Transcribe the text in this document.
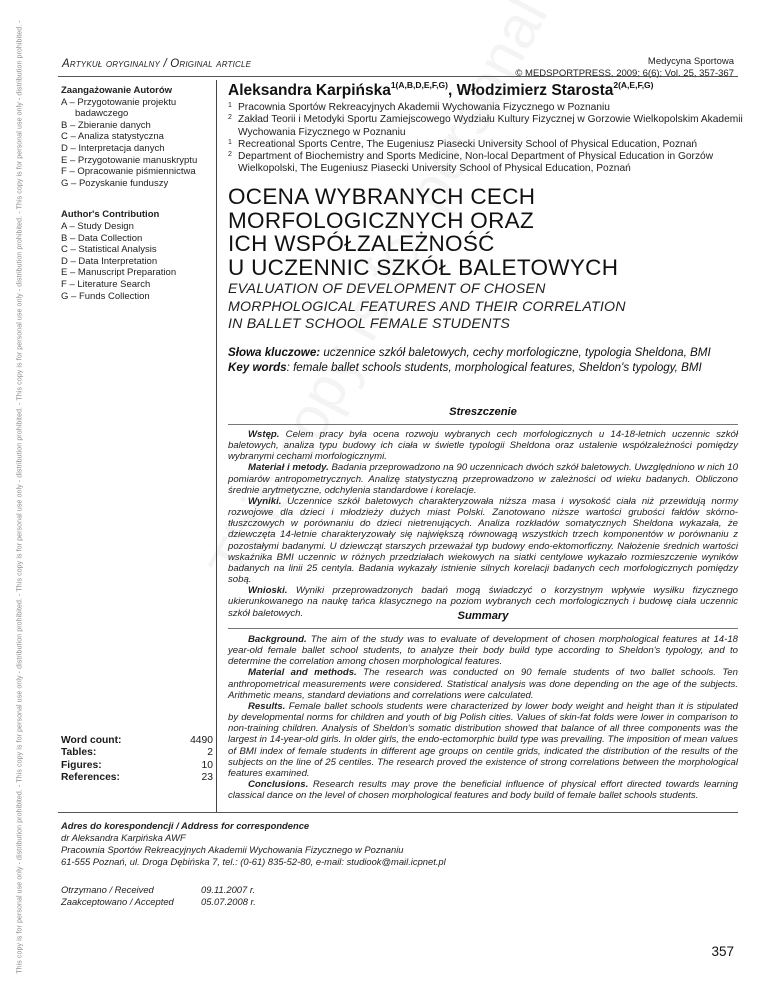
This copy is for personal use only - distribution prohibited. - This copy is for personal use only - distribution prohibited. - This copy is for personal use only - distribution prohibited. - This copy is for personal use only - distribution prohibited. - This copy is for personal use only - distribution prohibited. -	Artykuł oryginalny / Original article	Medycyna Sportowa
© MEDSPORTPRESS, 2009; 6(6); Vol. 25, 357-367
Zaangażowanie Autorów
A – Przygotowanie projektu
badawczego
B – Zbieranie danych
C – Analiza statystyczna
D – Interpretacja danych
E – Przygotowanie manuskryptu
F – Opracowanie piśmiennictwa
G – Pozyskanie funduszy
Author's Contribution
A – Study Design
B – Data Collection
C – Statistical Analysis
D – Data Interpretation
E – Manuscript Preparation
F – Literature Search
G – Funds Collection
Word count:	4490
Tables:	2
Figures:	10
References:	23
Aleksandra Karpińska$^{1(A,B,D,E,F,G)}$, Włodzimierz Starosta$^{2(A,E,F,G)}$
1 Pracownia Sportów Rekreacyjnych Akademii Wychowania Fizycznego w Poznaniu
2 Zakład Teorii i Metodyki Sportu Zamiejscowego Wydziału Kultury Fizycznej w Gorzowie Wielkopolskim Akademii Wychowania Fizycznego w Poznaniu
1 Recreational Sports Centre, The Eugeniusz Piasecki University School of Physical Education, Poznań
2 Department of Biochemistry and Sports Medicine, Non-local Department of Physical Education in Gorzów Wielkopolski, The Eugeniusz Piasecki University School of Physical Education, Poznań
OCENA WYBRANYCH CECH
MORFOLOGICZNYCH ORAZ
ICH WSPÓŁZALEŻNOŚĆ
U UCZENNIC SZKÓŁ BALETOWYCH
EVALUATION OF DEVELOPMENT OF CHOSEN
MORPHOLOGICAL FEATURES AND THEIR CORRELATION
IN BALLET SCHOOL FEMALE STUDENTS
Słowa kluczowe: uczennice szkół baletowych, cechy morfologiczne, typologia Sheldona, BMI
Key words: female ballet schools students, morphological features, Sheldon's typology, BMI
Streszczenie

Wstęp. Celem pracy była ocena rozwoju wybranych cech morfologicznych u 14-18-letnich uczennic szkół baletowych, analiza typu budowy ich ciała w świetle typologii Sheldona oraz ustalenie współzależności pomiędzy wybranymi cechami morfologicznymi.

Materiał i metody. Badania przeprowadzono na 90 uczennicach dwóch szkół baletowych. Uwzględniono w nich 10 pomiarów antropometrycznych. Analizę statystyczną przeprowadzono w zależności od wieku badanych. Obliczono średnie arytmetyczne, odchylenia standardowe i korelacje.

Wyniki. Uczennice szkół baletowych charakteryzowała niższa masa i wysokość ciała niż przewidują normy rozwojowe dla dzieci i młodzieży dużych miast Polski. Zanotowano niższe wartości grubości fałdów skórno-tłuszczowych w porównaniu do dzieci nietrenujących. Analiza rozkładów somatycznych Sheldona wykazała, że dziewczęta 14-letnie charakteryzowały się największą równowagą wszystkich trzech komponentów w porównaniu z pozostałymi badanymi. U dziewcząt starszych przeważał typ budowy endo-ektomorficzny. Nałożenie średnich wartości wskaźnika BMI uczennic w różnych przedziałach wiekowych na siatki centylowe wykazało rozmieszczenie wyników badanych na linii 25 centyla. Badania wykazały istnienie silnych korelacji badanych cech morfologicznych pomiędzy sobą.

Wnioski. Wyniki przeprowadzonych badań mogą świadczyć o korzystnym wpływie wysiłku fizycznego ukierunkowanego na naukę tańca klasycznego na poziom wybranych cech morfologicznych i budowę ciała uczennic szkół baletowych.	Summary

Background. The aim of the study was to evaluate of development of chosen morphological features at 14-18 year-old female ballet school students, to analyze their body build type according to Sheldon's typology, and to determine the correlation among chosen morphological features.

Material and methods. The research was conducted on 90 female students of two ballet schools. Ten anthropometrical measurements were considered. Statistical analysis was done depending on the age of the subjects. Arithmetic means, standard deviations and correlations were calculated.

Results. Female ballet schools students were characterized by lower body weight and height than it is stipulated by developmental norms for children and youth of big Polish cities. Values of skin-fat folds were lower in comparison to non-training children. Analysis of Sheldon's somatic distribution showed that balance of all three components was the largest in 14-year-old girls. In older girls, the endo-ectomorphic build type was prevailing. The imposition of mean values of BMI index of female students in different age groups on centile grids, indicated the distribution of the results of the subjects on the line of 25 centiles. The research proved the existence of strong correlations between the morphological features examined.

Conclusions. Research results may prove the beneficial influence of physical effort directed towards learning classical dance on the level of chosen morphological features and body build of female ballet schools students.

Adres do korespondencji / Address for correspondence
dr Aleksandra Karpińska AWF
Pracownia Sportów Rekreacyjnych Akademii Wychowania Fizycznego w Poznaniu
61-555 Poznań, ul. Droga Dębińska 7, tel.: (0-61) 835-52-80, e-mail: studiook@mail.icpnet.pl
Otrzymano / Received	09.11.2007 r.
Zaakceptowano / Accepted	05.07.2008 r.
357
